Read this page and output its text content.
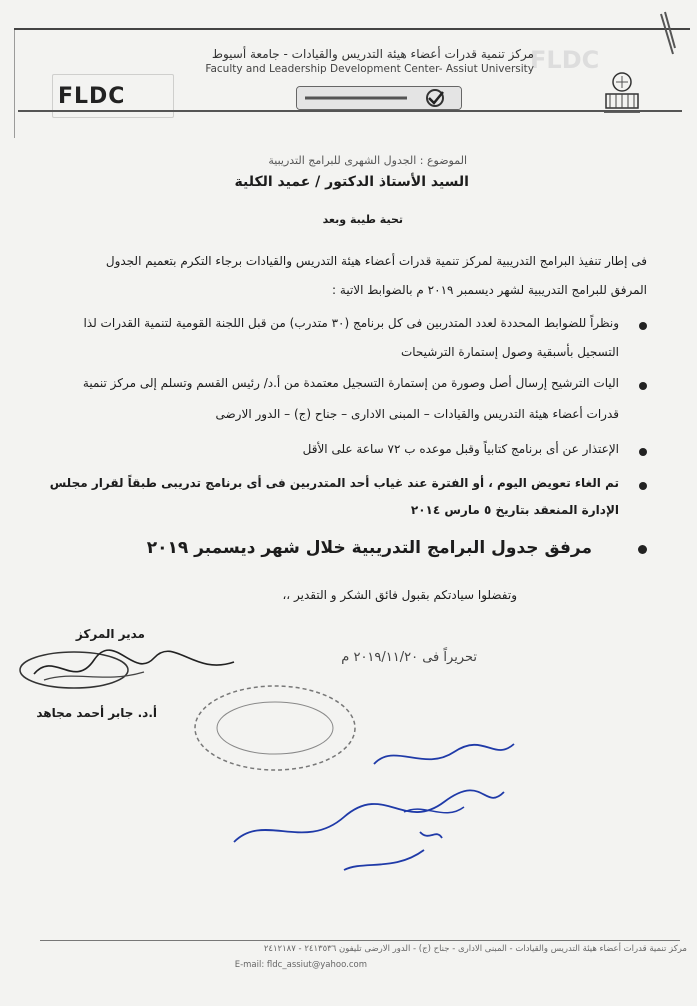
FLDC
مركز تنمية قدرات أعضاء هيئة التدريس والقيادات - جامعة أسيوط
Faculty and Leadership Development Center- Assiut University
FLDC
الموضوع : الجدول الشهرى للبرامج التدريبية
السيد الأستاذ الدكتور / عميد الكلية
تحية طيبة وبعد
فى إطار تنفيذ البرامج التدريبية لمركز تنمية قدرات أعضاء هيئة التدريس والقيادات برجاء التكرم بتعميم الجدول
المرفق للبرامج التدريبية لشهر ديسمبر ٢٠١٩ م بالضوابط الاتية :
ونظراً للضوابط المحددة لعدد المتدربين فى كل برنامج (٣٠ متدرب) من قبل اللجنة القومية لتنمية القدرات لذا
التسجيل بأسبقية وصول إستمارة الترشيحات
اليات الترشيح إرسال أصل وصورة من إستمارة التسجيل معتمدة من أ.د/ رئيس القسم وتسلم إلى مركز تنمية
قدرات أعضاء هيئة التدريس والقيادات – المبنى الادارى – جناح (ج) – الدور الارضى
الإعتذار عن أى برنامج كتابياً وقبل موعده ب ٧٢ ساعة على الأقل
تم الغاء تعويض اليوم ، أو الفترة عند غياب أحد المتدربين فى أى برنامج تدريبى طبقاً لقرار مجلس
الإدارة المنعقد بتاريخ ٥ مارس ٢٠١٤
مرفق جدول البرامج التدريبية خلال شهر ديسمبر ٢٠١٩
وتفضلوا سيادتكم بقبول فائق الشكر و التقدير ،،
مدير المركز
تحريراً فى ٢٠١٩/١١/٢٠ م
أ.د. جابر أحمد مجاهد
مركز تنمية قدرات أعضاء هيئة التدريس والقيادات - المبنى الادارى - جناح (ج) - الدور الارضى تليفون ٢٤١٣٥٣٦ - ٢٤١٢١٨٧
E-mail: fldc_assiut@yahoo.com
